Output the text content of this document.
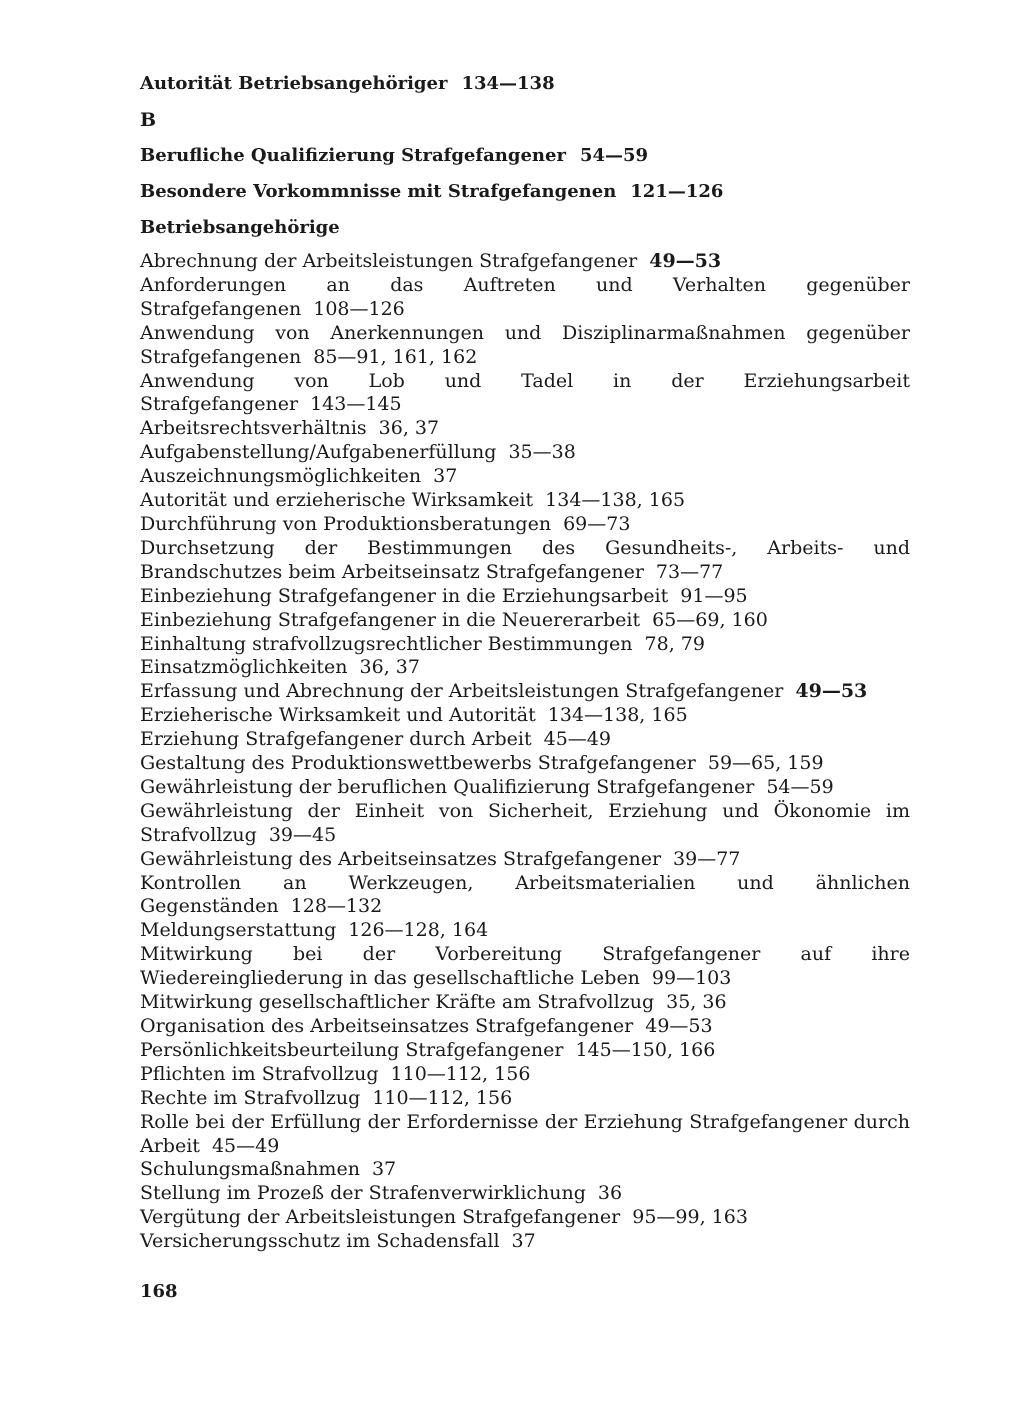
Autorität Betriebsangehöriger 134—138

B

Berufliche Qualifizierung Strafgefangener 54—59

Besondere Vorkommnisse mit Strafgefangenen 121—126

Betriebsangehörige

Abrechnung der Arbeitsleistungen Strafgefangener 49—53
Anforderungen an das Auftreten und Verhalten gegenüber Strafgefangenen 108—126
Anwendung von Anerkennungen und Disziplinarmaßnahmen gegenüber Strafgefangenen 85—91, 161, 162
Anwendung von Lob und Tadel in der Erziehungsarbeit Strafgefangener 143—145
Arbeitsrechtsverhältnis 36, 37
Aufgabenstellung/Aufgabenerfüllung 35—38
Auszeichnungsmöglichkeiten 37
Autorität und erzieherische Wirksamkeit 134—138, 165
Durchführung von Produktionsberatungen 69—73
Durchsetzung der Bestimmungen des Gesundheits-, Arbeits- und Brandschutzes beim Arbeitseinsatz Strafgefangener 73—77
Einbeziehung Strafgefangener in die Erziehungsarbeit 91—95
Einbeziehung Strafgefangener in die Neuererarbeit 65—69, 160
Einhaltung strafvollzugsrechtlicher Bestimmungen 78, 79
Einsatzmöglichkeiten 36, 37
Erfassung und Abrechnung der Arbeitsleistungen Strafgefangener 49—53
Erzieherische Wirksamkeit und Autorität 134—138, 165
Erziehung Strafgefangener durch Arbeit 45—49
Gestaltung des Produktionswettbewerbs Strafgefangener 59—65, 159
Gewährleistung der beruflichen Qualifizierung Strafgefangener 54—59
Gewährleistung der Einheit von Sicherheit, Erziehung und Ökonomie im Strafvollzug 39—45
Gewährleistung des Arbeitseinsatzes Strafgefangener 39—77
Kontrollen an Werkzeugen, Arbeitsmaterialien und ähnlichen Gegenständen 128—132
Meldungserstattung 126—128, 164
Mitwirkung bei der Vorbereitung Strafgefangener auf ihre Wiedereingliederung in das gesellschaftliche Leben 99—103
Mitwirkung gesellschaftlicher Kräfte am Strafvollzug 35, 36
Organisation des Arbeitseinsatzes Strafgefangener 49—53
Persönlichkeitsbeurteilung Strafgefangener 145—150, 166
Pflichten im Strafvollzug 110—112, 156
Rechte im Strafvollzug 110—112, 156
Rolle bei der Erfüllung der Erfordernisse der Erziehung Strafgefangener durch Arbeit 45—49
Schulungsmaßnahmen 37
Stellung im Prozeß der Strafenverwirklichung 36
Vergütung der Arbeitsleistungen Strafgefangener 95—99, 163
Versicherungsschutz im Schadensfall 37
168
